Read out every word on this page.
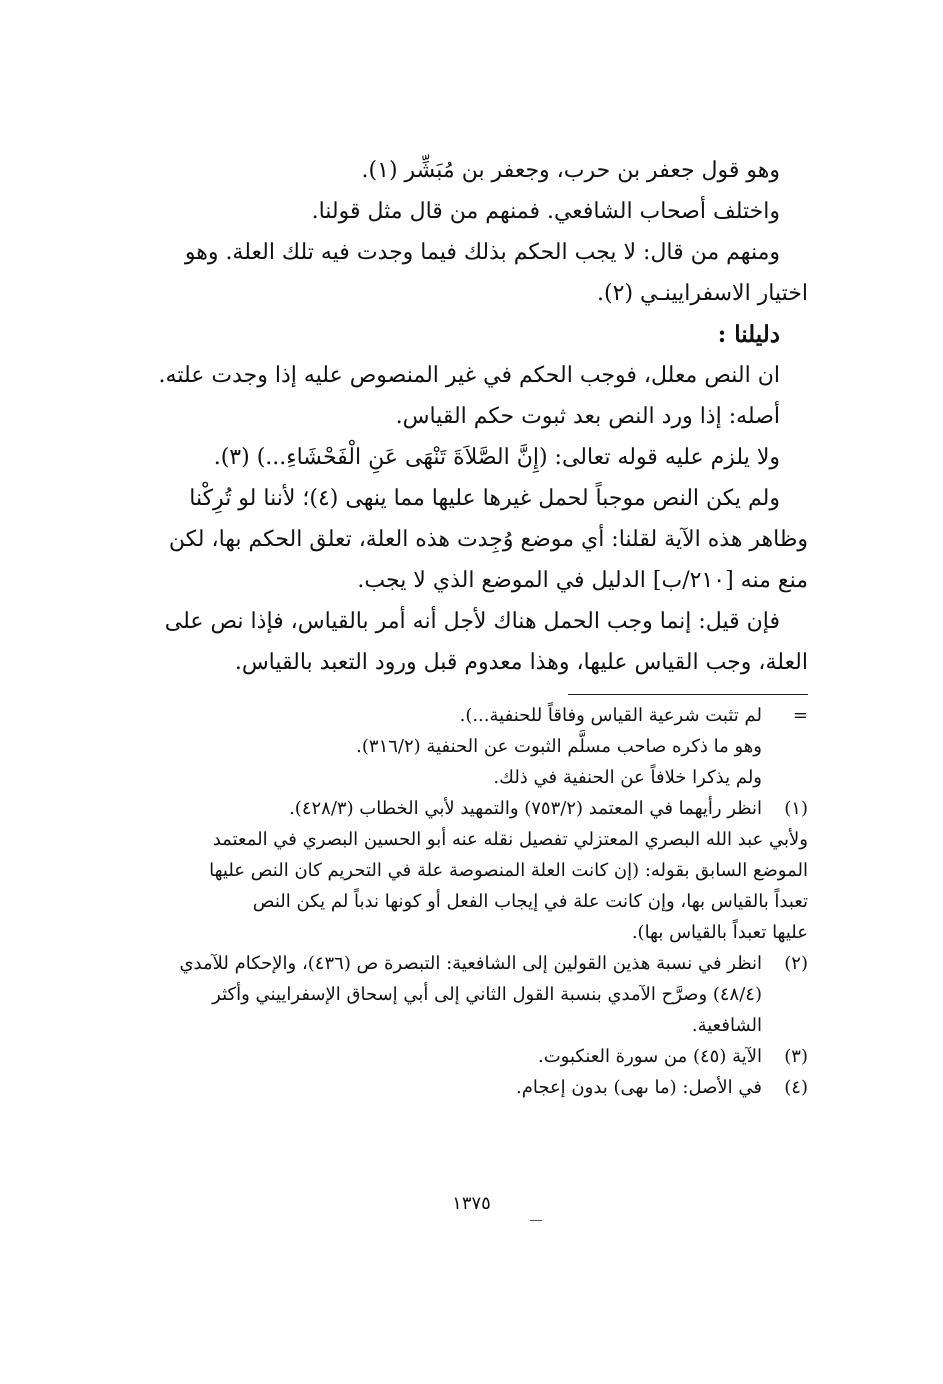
وهو قول جعفر بن حرب، وجعفر بن مُبَشِّر (١).

واختلف أصحاب الشافعي. فمنهم من قال مثل قولنا.

ومنهم من قال: لا يجب الحكم بذلك فيما وجدت فيه تلك العلة. وهو

اختيار الاسفرايينـي (٢).

دليلنا :

ان النص معلل، فوجب الحكم في غير المنصوص عليه إذا وجدت علته.

أصله: إذا ورد النص بعد ثبوت حكم القياس.

ولا يلزم عليه قوله تعالى: (إِنَّ الصَّلاَةَ تَنْهَى عَنِ الْفَحْشَاءِ...) (٣).

ولم يكن النص موجباً لحمل غيرها عليها مما ينهى (٤)؛ لأننا لو تُرِكْنا

وظاهر هذه الآية لقلنا: أي موضع وُجِدت هذه العلة، تعلق الحكم بها، لكن

منع منه [٢١٠/ب] الدليل في الموضع الذي لا يجب.

فإن قيل: إنما وجب الحمل هناك لأجل أنه أمر بالقياس، فإذا نص على

العلة، وجب القياس عليها، وهذا معدوم قبل ورود التعبد بالقياس.

=

لم تثبت شرعية القياس وفاقاً للحنفية...).

وهو ما ذكره صاحب مسلَّم الثبوت عن الحنفية (٣١٦/٢).

ولم يذكرا خلافاً عن الحنفية في ذلك.

(١)

انظر رأيهما في المعتمد (٧٥٣/٢) والتمهيد لأبي الخطاب (٤٢٨/٣).

ولأبي عبد الله البصري المعتزلي تفصيل نقله عنه أبو الحسين البصري في المعتمد

الموضع السابق بقوله: (إن كانت العلة المنصوصة علة في التحريم كان النص عليها

تعبداً بالقياس بها، وإن كانت علة في إيجاب الفعل أو كونها ندباً لم يكن النص

عليها تعبداً بالقياس بها).

(٢)

انظر في نسبة هذين القولين إلى الشافعية: التبصرة ص (٤٣٦)، والإحكام للآمدي

(٤٨/٤) وصرَّح الآمدي بنسبة القول الثاني إلى أبي إسحاق الإسفراييني وأكثر

الشافعية.

(٣)

الآية (٤٥) من سورة العنكبوت.

(٤)

في الأصل: (ما ىهى) بدون إعجام.

١٣٧٥
